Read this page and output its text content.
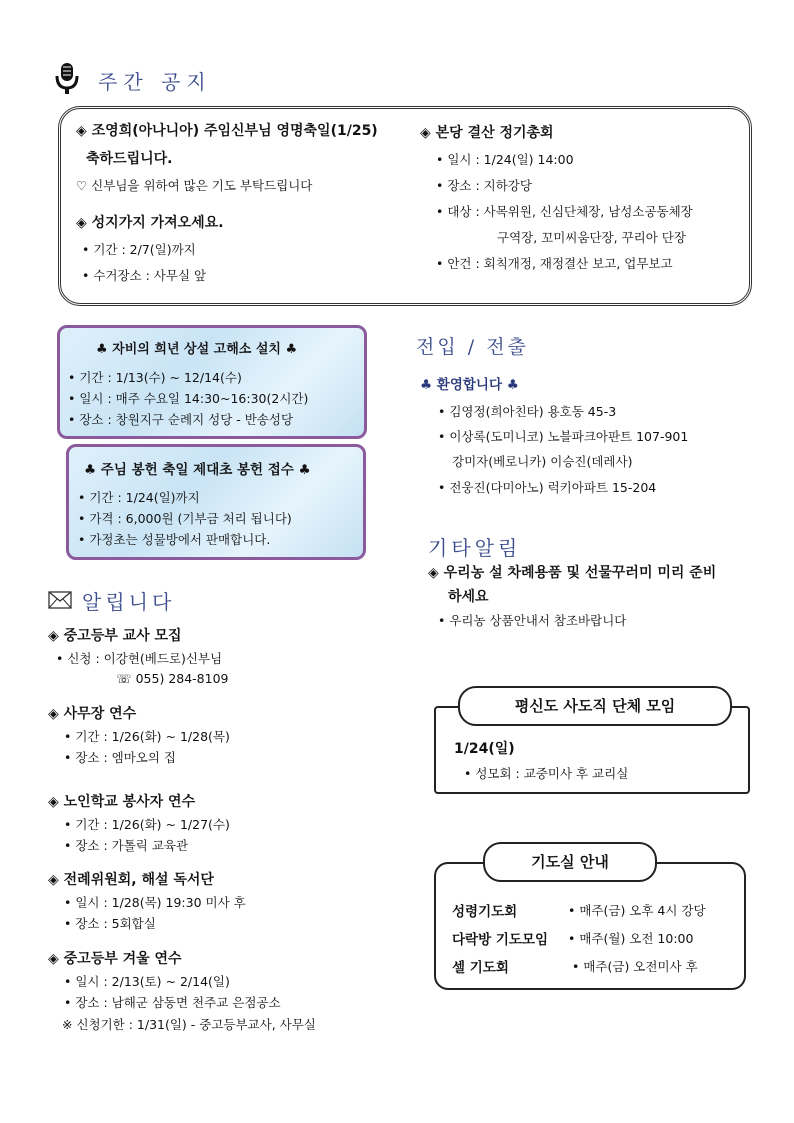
주간 공지
◈ 조영희(아나니아) 주임신부님 영명축일(1/25)
축하드립니다.
♡ 신부님을 위하여 많은 기도 부탁드립니다
◈ 성지가지 가져오세요.
• 기간 : 2/7(일)까지
• 수거장소 : 사무실 앞
◈ 본당 결산 정기총회
• 일시 : 1/24(일) 14:00
• 장소 : 지하강당
• 대상 : 사목위원, 신심단체장, 남성소공동체장
구역장, 꼬미씨움단장, 꾸리아 단장
• 안건 : 회칙개정, 재정결산 보고, 업무보고
♣ 자비의 희년 상설 고해소 설치 ♣
• 기간 : 1/13(수) ~ 12/14(수)
• 일시 : 매주 수요일 14:30~16:30(2시간)
• 장소 : 창원지구 순례지 성당 - 반송성당
♣ 주님 봉헌 축일 제대초 봉헌 접수 ♣
• 기간 : 1/24(일)까지
• 가격 : 6,000원 (기부금 처리 됩니다)
• 가정초는 성물방에서 판매합니다.
전입 / 전출
♣ 환영합니다 ♣
• 김영정(희아친타) 용호동 45-3
• 이상록(도미니코) 노블파크아판트 107-901
강미자(베로니카) 이승진(데레사)
• 전웅진(다미아노) 럭키아파트 15-204
기타알림
◈ 우리농 설 차례용품 및 선물꾸러미 미리 준비
하세요
• 우리농 상품안내서 참조바랍니다
알립니다
◈ 중고등부 교사 모집
• 신청 : 이강현(베드로)신부님
☏ 055) 284-8109
◈ 사무장 연수
• 기간 : 1/26(화) ~ 1/28(목)
• 장소 : 엠마오의 집
◈ 노인학교 봉사자 연수
• 기간 : 1/26(화) ~ 1/27(수)
• 장소 : 가톨릭 교육관
◈ 전례위원회, 해설 독서단
• 일시 : 1/28(목) 19:30 미사 후
• 장소 : 5회합실
◈ 중고등부 겨울 연수
• 일시 : 2/13(토) ~ 2/14(일)
• 장소 : 남해군 삼동면 천주교 은점공소
※ 신청기한 : 1/31(일) - 중고등부교사, 사무실
평신도 사도직 단체 모임
1/24(일)
• 성모회 : 교중미사 후 교리실
기도실 안내
성령기도회	• 매주(금) 오후 4시 강당
다락방 기도모임 • 매주(월) 오전 10:00
셀 기도회	• 매주(금) 오전미사 후
